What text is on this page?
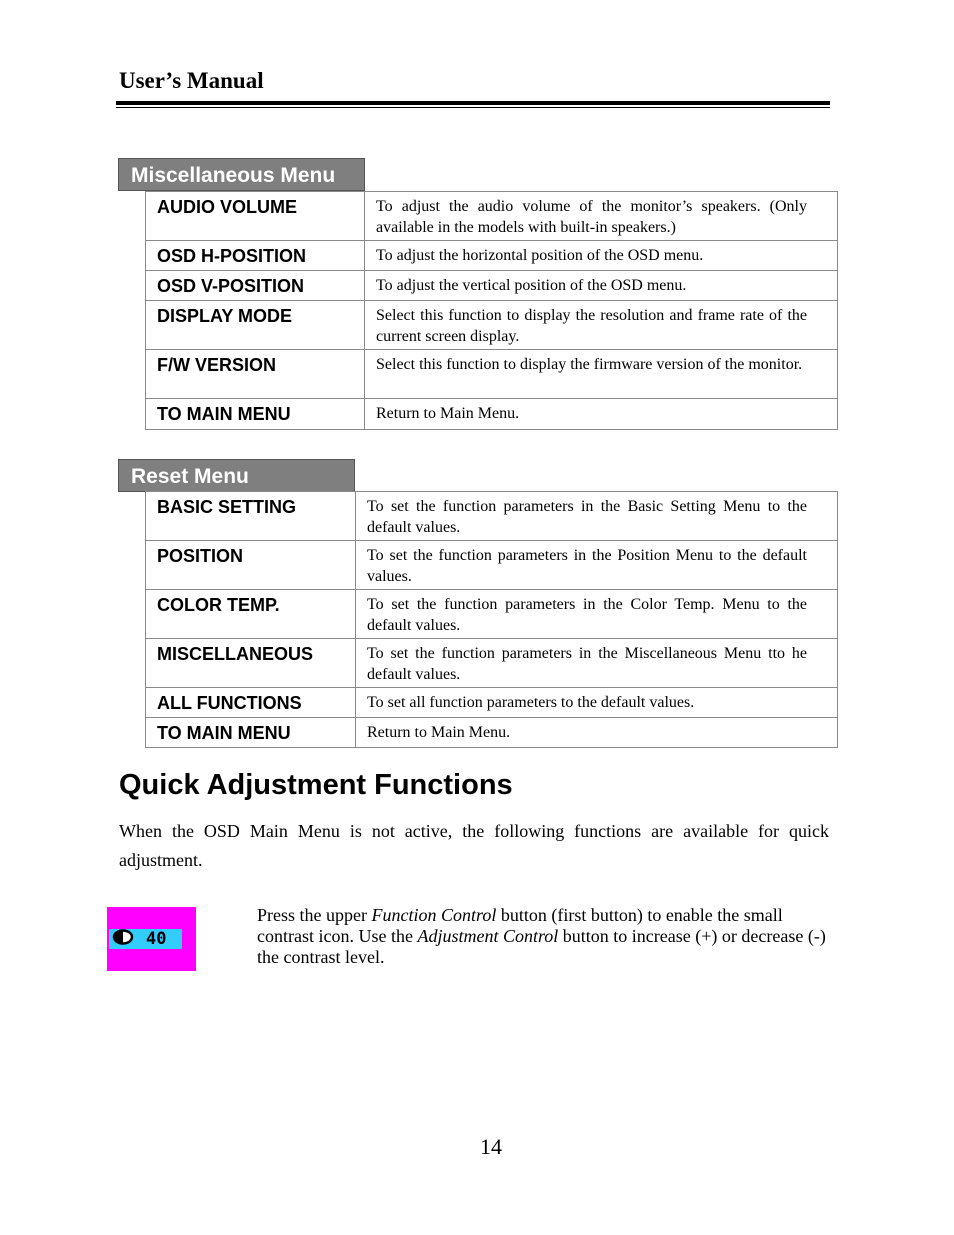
User’s Manual
Miscellaneous Menu
AUDIO VOLUME	To adjust the audio volume of the monitor’s speakers. (Only available in the models with built-in speakers.)
OSD H-POSITION	To adjust the horizontal position of the OSD menu.
OSD V-POSITION	To adjust the vertical position of the OSD menu.
DISPLAY MODE	Select this function to display the resolution and frame rate of the current screen display.
F/W VERSION	Select this function to display the firmware version of the monitor.
TO MAIN MENU	Return to Main Menu.
Reset Menu
BASIC SETTING	To set the function parameters in the Basic Setting Menu to the default values.
POSITION	To set the function parameters in the Position Menu to the default values.
COLOR TEMP.	To set the function parameters in the Color Temp. Menu to the default values.
MISCELLANEOUS	To set the function parameters in the Miscellaneous Menu tto he default values.
ALL FUNCTIONS	To set all function parameters to the default values.
TO MAIN MENU	Return to Main Menu.
Quick Adjustment Functions
When the OSD Main Menu is not active, the following functions are available for quick adjustment.
40
Press the upper Function Control button (first button) to enable the small contrast icon. Use the Adjustment Control button to increase (+) or decrease (-) the contrast level.
14
